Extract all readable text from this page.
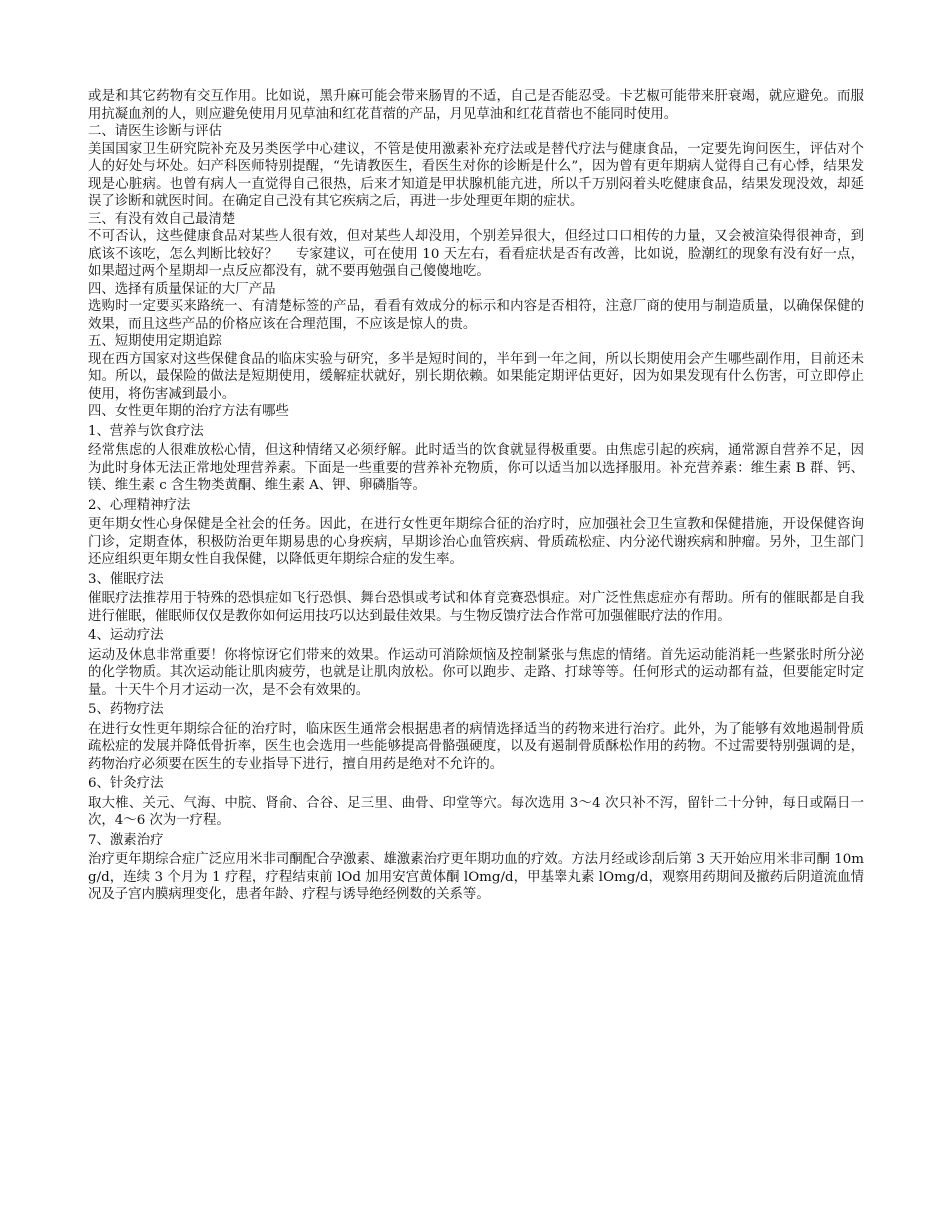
或是和其它药物有交互作用。比如说，黑升麻可能会带来肠胃的不适，自己是否能忍受。卡艺椒可能带来肝衰竭，就应避免。而服用抗凝血剂的人，则应避免使用月见草油和红花苜蓿的产品，月见草油和红花苜蓿也不能同时使用。

二、请医生诊断与评估

美国国家卫生研究院补充及另类医学中心建议，不管是使用激素补充疗法或是替代疗法与健康食品，一定要先询问医生，评估对个人的好处与坏处。妇产科医师特别提醒，“先请教医生，看医生对你的诊断是什么”，因为曾有更年期病人觉得自己有心悸，结果发现是心脏病。也曾有病人一直觉得自己很热，后来才知道是甲状腺机能亢进，所以千万别闷着头吃健康食品，结果发现没效，却延误了诊断和就医时间。在确定自己没有其它疾病之后，再进一步处理更年期的症状。

三、有没有效自己最清楚

不可否认，这些健康食品对某些人很有效，但对某些人却没用，个别差异很大，但经过口口相传的力量，又会被渲染得很神奇，到底该不该吃，怎么判断比较好？　 专家建议，可在使用 10 天左右，看看症状是否有改善，比如说，脸潮红的现象有没有好一点，如果超过两个星期却一点反应都没有，就不要再勉强自己傻傻地吃。

四、选择有质量保证的大厂产品

选购时一定要买来路统一、有清楚标签的产品，看看有效成分的标示和内容是否相符，注意厂商的使用与制造质量，以确保保健的效果，而且这些产品的价格应该在合理范围，不应该是惊人的贵。

五、短期使用定期追踪

现在西方国家对这些保健食品的临床实验与研究，多半是短时间的，半年到一年之间，所以长期使用会产生哪些副作用，目前还未知。所以，最保险的做法是短期使用，缓解症状就好，别长期依赖。如果能定期评估更好，因为如果发现有什么伤害，可立即停止使用，将伤害减到最小。

四、女性更年期的治疗方法有哪些

1、营养与饮食疗法

经常焦虑的人很难放松心情，但这种情绪又必须纾解。此时适当的饮食就显得极重要。由焦虑引起的疾病，通常源自营养不足，因为此时身体无法正常地处理营养素。下面是一些重要的营养补充物质，你可以适当加以选择服用。补充营养素：维生素 B 群、钙、镁、维生素 c 含生物类黄酮、维生素 A、钾、卵磷脂等。

2、心理精神疗法

更年期女性心身保健是全社会的任务。因此，在进行女性更年期综合征的治疗时，应加强社会卫生宣教和保健措施，开设保健咨询门诊，定期查体，积极防治更年期易患的心身疾病，早期诊治心血管疾病、骨质疏松症、内分泌代谢疾病和肿瘤。另外，卫生部门还应组织更年期女性自我保健，以降低更年期综合症的发生率。

3、催眠疗法

催眠疗法推荐用于特殊的恐惧症如飞行恐惧、舞台恐惧或考试和体育竞赛恐惧症。对广泛性焦虑症亦有帮助。所有的催眠都是自我进行催眠，催眠师仅仅是教你如何运用技巧以达到最佳效果。与生物反馈疗法合作常可加强催眠疗法的作用。

4、运动疗法

运动及休息非常重要！你将惊讶它们带来的效果。作运动可消除烦恼及控制紧张与焦虑的情绪。首先运动能消耗一些紧张时所分泌的化学物质。其次运动能让肌肉疲劳，也就是让肌肉放松。你可以跑步、走路、打球等等。任何形式的运动都有益，但要能定时定量。十天牛个月才运动一次，是不会有效果的。

5、药物疗法

在进行女性更年期综合征的治疗时，临床医生通常会根据患者的病情选择适当的药物来进行治疗。此外，为了能够有效地遏制骨质疏松症的发展并降低骨折率，医生也会选用一些能够提高骨骼强硬度，以及有遏制骨质酥松作用的药物。不过需要特别强调的是，药物治疗必须要在医生的专业指导下进行，擅自用药是绝对不允许的。

6、针灸疗法

取大椎、关元、气海、中脘、肾俞、合谷、足三里、曲骨、印堂等穴。每次选用 3～4 次只补不泻，留针二十分钟，每日或隔日一次，4～6 次为一疗程。

7、激素治疗

治疗更年期综合症广泛应用米非司酮配合孕激素、雄激素治疗更年期功血的疗效。方法月经或诊刮后第 3 天开始应用米非司酮 10mg/d，连续 3 个月为 1 疗程，疗程结束前 lOd 加用安宫黄体酮 lOmg/d，甲基睾丸素 lOmg/d，观察用药期间及撤药后阴道流血情况及子宫内膜病理变化，患者年龄、疗程与诱导绝经例数的关系等。
